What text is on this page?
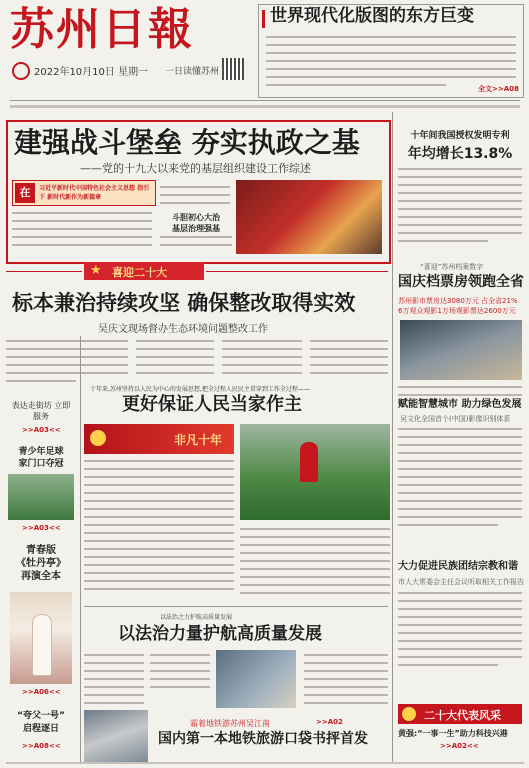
苏州日報
2022年10月10日 星期一 一日读懂苏州
世界现代化版图的东方巨变
全文>>A08
建强战斗堡垒 夯实执政之基
——党的十九大以来党的基层组织建设工作综述
在	习近平新时代中国特色社会主义思想 指引下 新时代新作为新篇章
斗胆初心大治
基层治理强基
十年间我国授权发明专利
年均增长13.8%
“喜迎”苏州档案数字
国庆档票房领跑全省
苏州影市票房达3080万元 占全省21%
6万观众观影1万场观影票达2600万元
赋能智慧城市 助力绿色发展
吴文化全国首个(中国)影像识别体系
大力促进民族团结宗教和谐
市人大常委会主任会议听取相关工作报告
二十大代表风采
黄强:“一事一生”助力科技兴港
>>A02<<
★ 喜迎二十大
标本兼治持续攻坚 确保整改取得实效
吴庆文现场督办生态环境问题整改工作
十年来,苏州坚持以人民为中心的发展思想,把全过程人民民主贯穿到工作全过程——
更好保证人民当家作主
非凡十年
以法治之力护航高质量发展
以法治力量护航高质量发展
霜着地铁游苏州吴江南	>>A02
国内第一本地铁旅游口袋书抨首发
表达走街坊 立即服务
>>A03<<
青少年足球
家门口夺冠
>>A03<<
青春版
《牡丹亭》
再演全本
>>A06<<
“夸父一号”
启程逐日
>>A08<<
